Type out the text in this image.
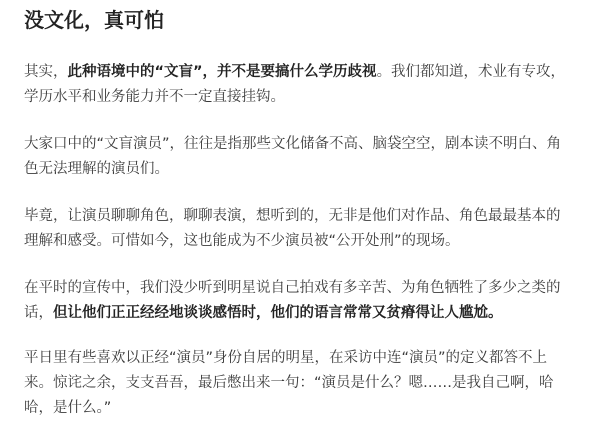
没文化，真可怕

其实，此种语境中的“文盲”，并不是要搞什么学历歧视。我们都知道，术业有专攻，
学历水平和业务能力并不一定直接挂钩。

大家口中的“文盲演员”，往往是指那些文化储备不高、脑袋空空，剧本读不明白、角
色无法理解的演员们。

毕竟，让演员聊聊角色，聊聊表演，想听到的，无非是他们对作品、角色最最基本的
理解和感受。可惜如今，这也能成为不少演员被“公开处刑”的现场。

在平时的宣传中，我们没少听到明星说自己拍戏有多辛苦、为角色牺牲了多少之类的
话，但让他们正正经经地谈谈感悟时，他们的语言常常又贫瘠得让人尴尬。

平日里有些喜欢以正经“演员”身份自居的明星，在采访中连“演员”的定义都答不上
来。惊诧之余，支支吾吾，最后憋出来一句：“演员是什么？嗯……是我自己啊，哈
哈，是什么。”
